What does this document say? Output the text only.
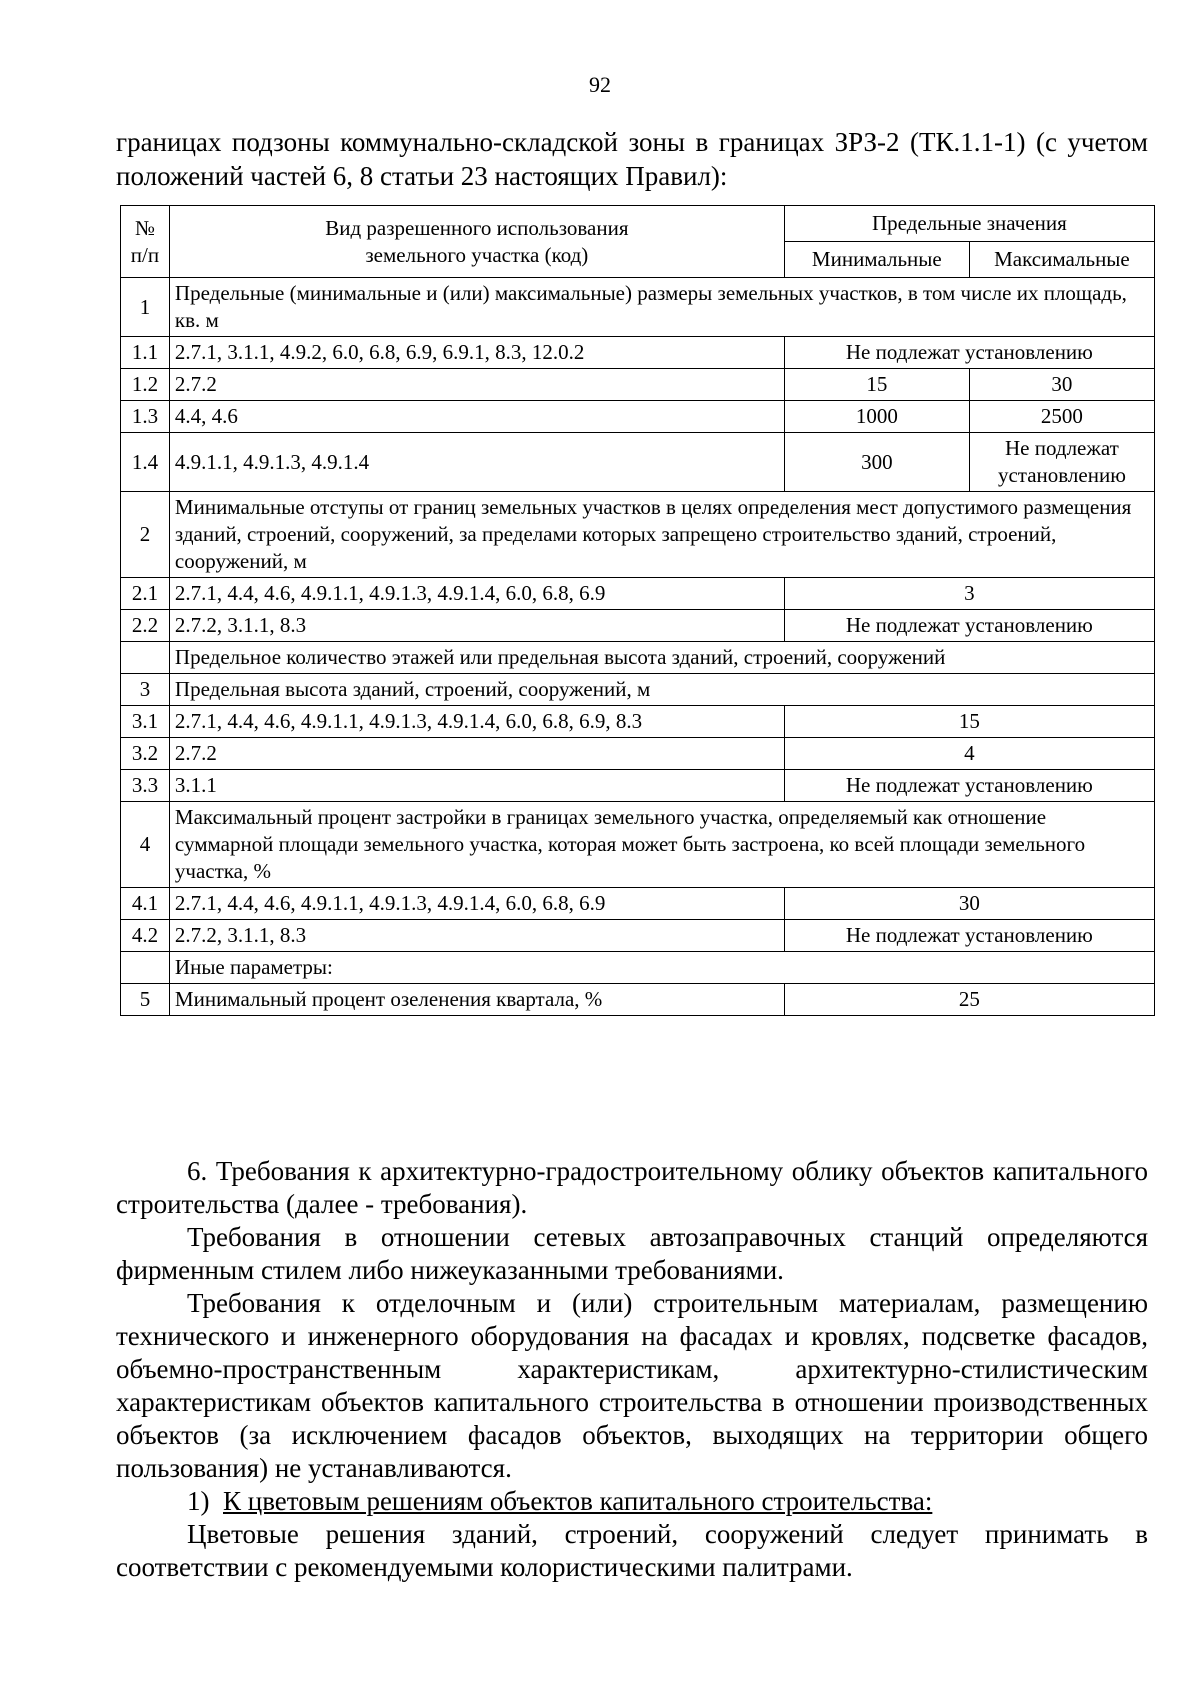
92

границах подзоны коммунально-складской зоны в границах ЗРЗ-2 (ТК.1.1-1) (с учетом положений частей 6, 8 статьи 23 настоящих Правил):

№ п/п	Вид разрешенного использования земельного участка (код)	Предельные значения	
		Минимальные	Максимальные
1	Предельные (минимальные и (или) максимальные) размеры земельных участков, в том числе их площадь, кв. м		
1.1	2.7.1, 3.1.1, 4.9.2, 6.0, 6.8, 6.9, 6.9.1, 8.3, 12.0.2	Не подлежат установлению	
1.2	2.7.2	15	30
1.3	4.4, 4.6	1000	2500
1.4	4.9.1.1, 4.9.1.3, 4.9.1.4	300	Не подлежат установлению
2	Минимальные отступы от границ земельных участков в целях определения мест допустимого размещения зданий, строений, сооружений, за пределами которых запрещено строительство зданий, строений, сооружений, м		
2.1	2.7.1, 4.4, 4.6, 4.9.1.1, 4.9.1.3, 4.9.1.4, 6.0, 6.8, 6.9	3	
2.2	2.7.2, 3.1.1, 8.3	Не подлежат установлению	
	Предельное количество этажей или предельная высота зданий, строений, сооружений		
3	Предельная высота зданий, строений, сооружений, м		
3.1	2.7.1, 4.4, 4.6, 4.9.1.1, 4.9.1.3, 4.9.1.4, 6.0, 6.8, 6.9, 8.3	15	
3.2	2.7.2	4	
3.3	3.1.1	Не подлежат установлению	
4	Максимальный процент застройки в границах земельного участка, определяемый как отношение суммарной площади земельного участка, которая может быть застроена, ко всей площади земельного участка, %		
4.1	2.7.1, 4.4, 4.6, 4.9.1.1, 4.9.1.3, 4.9.1.4, 6.0, 6.8, 6.9	30	
4.2	2.7.2, 3.1.1, 8.3	Не подлежат установлению	
	Иные параметры:		
5	Минимальный процент озеленения квартала, %	25	

6. Требования к архитектурно-градостроительному облику объектов капитального строительства (далее - требования).

Требования в отношении сетевых автозаправочных станций определяются фирменным стилем либо нижеуказанными требованиями.

Требования к отделочным и (или) строительным материалам, размещению технического и инженерного оборудования на фасадах и кровлях, подсветке фасадов, объемно-пространственным характеристикам, архитектурно-стилистическим характеристикам объектов капитального строительства в отношении производственных объектов (за исключением фасадов объектов, выходящих на территории общего пользования) не устанавливаются.

1) К цветовым решениям объектов капитального строительства:

Цветовые решения зданий, строений, сооружений следует принимать в соответствии с рекомендуемыми колористическими палитрами.
